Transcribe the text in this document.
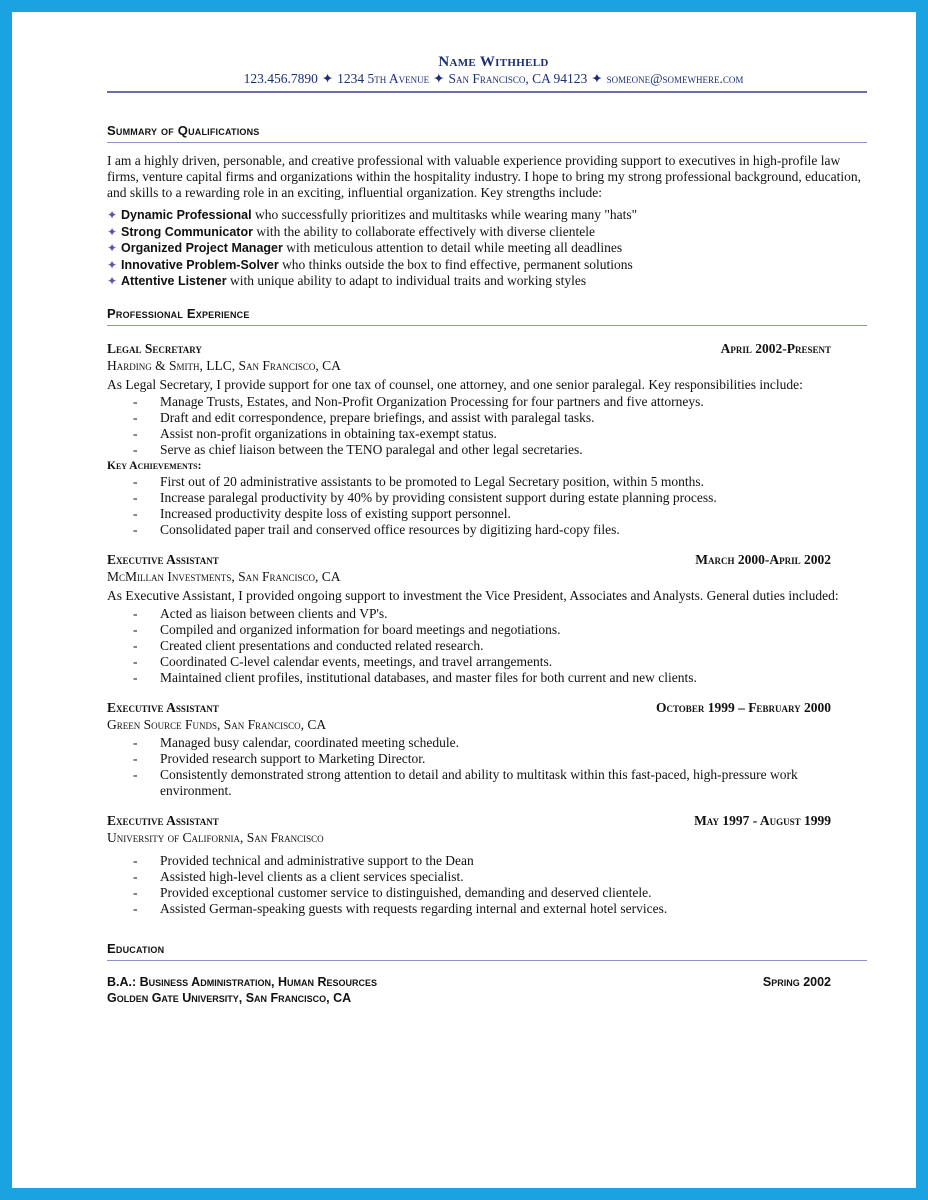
Name Withheld
123.456.7890 ✦ 1234 5th Avenue ✦ San Francisco, CA 94123 ✦ someone@somewhere.com
Summary of Qualifications
I am a highly driven, personable, and creative professional with valuable experience providing support to executives in high-profile law firms, venture capital firms and organizations within the hospitality industry. I hope to bring my strong professional background, education, and skills to a rewarding role in an exciting, influential organization. Key strengths include:
✦ Dynamic Professional who successfully prioritizes and multitasks while wearing many "hats"
✦ Strong Communicator with the ability to collaborate effectively with diverse clientele
✦ Organized Project Manager with meticulous attention to detail while meeting all deadlines
✦ Innovative Problem-Solver who thinks outside the box to find effective, permanent solutions
✦ Attentive Listener with unique ability to adapt to individual traits and working styles
Professional Experience
Legal Secretary	April 2002-Present
Harding & Smith, LLC, San Francisco, CA
As Legal Secretary, I provide support for one tax of counsel, one attorney, and one senior paralegal. Key responsibilities include:
- Manage Trusts, Estates, and Non-Profit Organization Processing for four partners and five attorneys.
- Draft and edit correspondence, prepare briefings, and assist with paralegal tasks.
- Assist non-profit organizations in obtaining tax-exempt status.
- Serve as chief liaison between the TENO paralegal and other legal secretaries.
Key Achievements:
- First out of 20 administrative assistants to be promoted to Legal Secretary position, within 5 months.
- Increase paralegal productivity by 40% by providing consistent support during estate planning process.
- Increased productivity despite loss of existing support personnel.
- Consolidated paper trail and conserved office resources by digitizing hard-copy files.
Executive Assistant	March 2000-April 2002
McMillan Investments, San Francisco, CA
As Executive Assistant, I provided ongoing support to investment the Vice President, Associates and Analysts. General duties included:
- Acted as liaison between clients and VP's.
- Compiled and organized information for board meetings and negotiations.
- Created client presentations and conducted related research.
- Coordinated C-level calendar events, meetings, and travel arrangements.
- Maintained client profiles, institutional databases, and master files for both current and new clients.
Executive Assistant	October 1999 – February 2000
Green Source Funds, San Francisco, CA
- Managed busy calendar, coordinated meeting schedule.
- Provided research support to Marketing Director.
- Consistently demonstrated strong attention to detail and ability to multitask within this fast-paced, high-pressure work environment.
Executive Assistant	May 1997 - August 1999
University of California, San Francisco
- Provided technical and administrative support to the Dean
- Assisted high-level clients as a client services specialist.
- Provided exceptional customer service to distinguished, demanding and deserved clientele.
- Assisted German-speaking guests with requests regarding internal and external hotel services.
Education
B.A.: Business Administration, Human Resources	Spring 2002
Golden Gate University, San Francisco, CA
